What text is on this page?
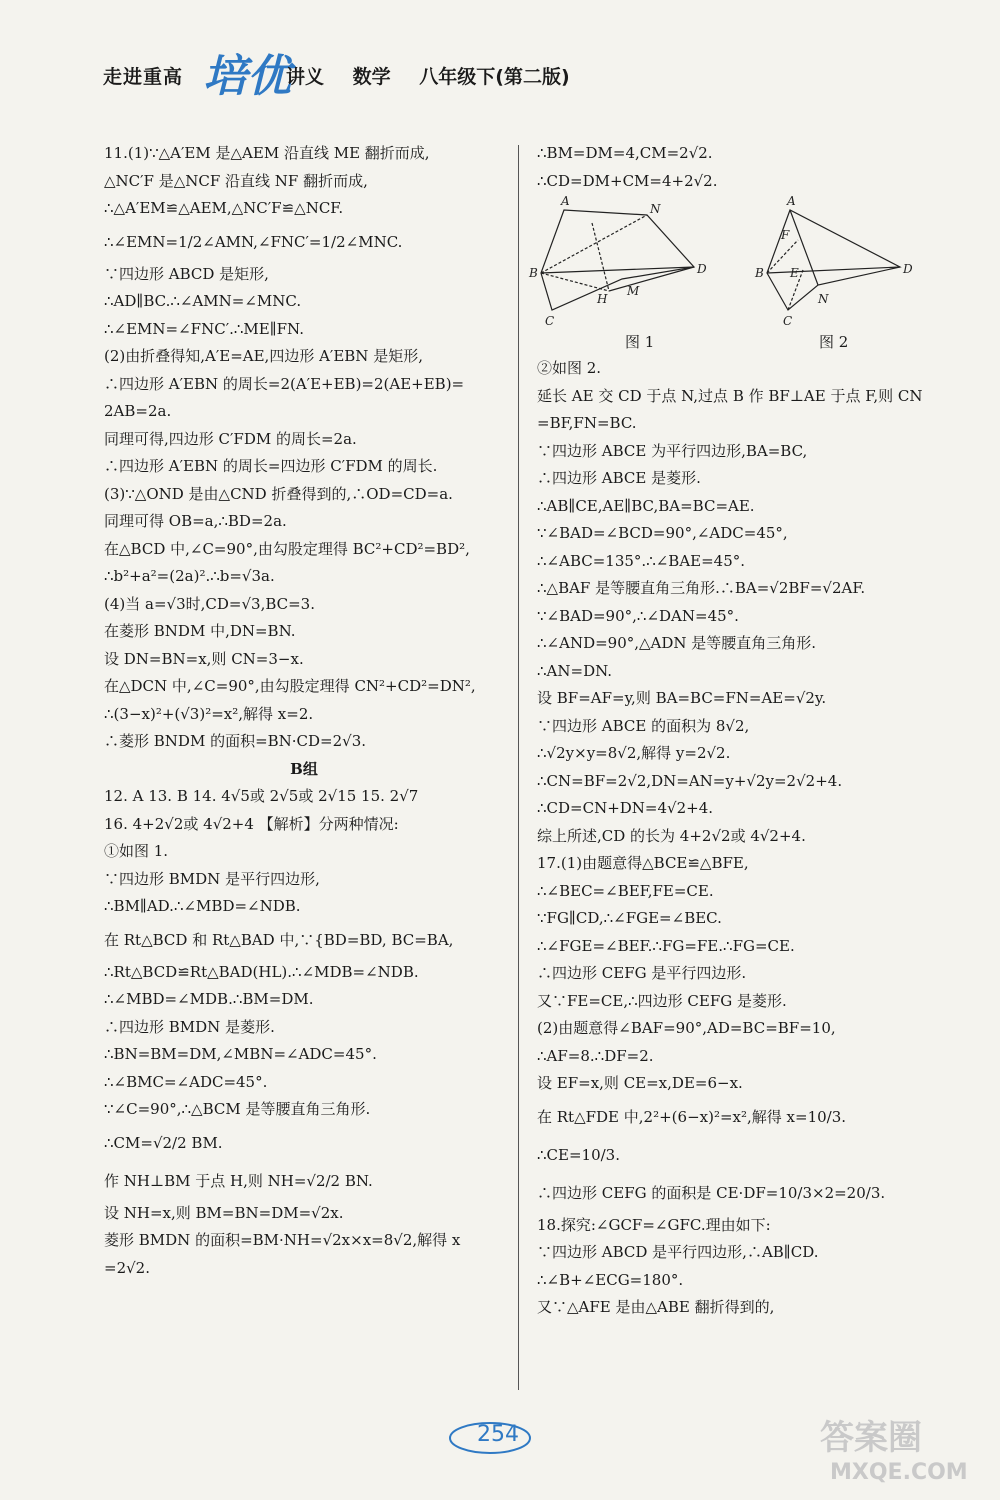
走进重高 培优
讲义 数学 八年级下(第二版)
11.(1)∵△A′EM 是△AEM 沿直线 ME 翻折而成,
△NC′F 是△NCF 沿直线 NF 翻折而成,
∴△A′EM≌△AEM,△NC′F≌△NCF.
∴∠EMN=1/2∠AMN,∠FNC′=1/2∠MNC.
∵四边形 ABCD 是矩形,
∴AD∥BC.∴∠AMN=∠MNC.
∴∠EMN=∠FNC′.∴ME∥FN.
(2)由折叠得知,A′E=AE,四边形 A′EBN 是矩形,
∴四边形 A′EBN 的周长=2(A′E+EB)=2(AE+EB)=
2AB=2a.
同理可得,四边形 C′FDM 的周长=2a.
∴四边形 A′EBN 的周长=四边形 C′FDM 的周长.
(3)∵△OND 是由△CND 折叠得到的,∴OD=CD=a.
同理可得 OB=a,∴BD=2a.
在△BCD 中,∠C=90°,由勾股定理得 BC²+CD²=BD²,
∴b²+a²=(2a)².∴b=√3a.
(4)当 a=√3时,CD=√3,BC=3.
在菱形 BNDM 中,DN=BN.
设 DN=BN=x,则 CN=3−x.
在△DCN 中,∠C=90°,由勾股定理得 CN²+CD²=DN²,
∴(3−x)²+(√3)²=x²,解得 x=2.
∴菱形 BNDM 的面积=BN·CD=2√3.
B组
12. A 13. B 14. 4√5或 2√5或 2√15 15. 2√7
16. 4+2√2或 4√2+4 【解析】分两种情况:
①如图 1.
∵四边形 BMDN 是平行四边形,
∴BM∥AD.∴∠MBD=∠NDB.
在 Rt△BCD 和 Rt△BAD 中,∵{BD=BD, BC=BA,
∴Rt△BCD≌Rt△BAD(HL).∴∠MDB=∠NDB.
∴∠MBD=∠MDB.∴BM=DM.
∴四边形 BMDN 是菱形.
∴BN=BM=DM,∠MBN=∠ADC=45°.
∴∠BMC=∠ADC=45°.
∵∠C=90°,∴△BCM 是等腰直角三角形.
∴CM=√2/2 BM.
作 NH⊥BM 于点 H,则 NH=√2/2 BN.
设 NH=x,则 BM=BN=DM=√2x.
菱形 BMDN 的面积=BM·NH=√2x×x=8√2,解得 x
=2√2.
∴BM=DM=4,CM=2√2.
∴CD=DM+CM=4+2√2.
A
N
B	D
H
M
C
A
F
B E	D
C
N
图 1	图 2
②如图 2.
延长 AE 交 CD 于点 N,过点 B 作 BF⊥AE 于点 F,则 CN
=BF,FN=BC.
∵四边形 ABCE 为平行四边形,BA=BC,
∴四边形 ABCE 是菱形.
∴AB∥CE,AE∥BC,BA=BC=AE.
∵∠BAD=∠BCD=90°,∠ADC=45°,
∴∠ABC=135°.∴∠BAE=45°.
∴△BAF 是等腰直角三角形.∴BA=√2BF=√2AF.
∵∠BAD=90°,∴∠DAN=45°.
∴∠AND=90°,△ADN 是等腰直角三角形.
∴AN=DN.
设 BF=AF=y,则 BA=BC=FN=AE=√2y.
∵四边形 ABCE 的面积为 8√2,
∴√2y×y=8√2,解得 y=2√2.
∴CN=BF=2√2,DN=AN=y+√2y=2√2+4.
∴CD=CN+DN=4√2+4.
综上所述,CD 的长为 4+2√2或 4√2+4.
17.(1)由题意得△BCE≌△BFE,
∴∠BEC=∠BEF,FE=CE.
∵FG∥CD,∴∠FGE=∠BEC.
∴∠FGE=∠BEF.∴FG=FE.∴FG=CE.
∴四边形 CEFG 是平行四边形.
又∵FE=CE,∴四边形 CEFG 是菱形.
(2)由题意得∠BAF=90°,AD=BC=BF=10,
∴AF=8.∴DF=2.
设 EF=x,则 CE=x,DE=6−x.
在 Rt△FDE 中,2²+(6−x)²=x²,解得 x=10/3.
∴CE=10/3.
∴四边形 CEFG 的面积是 CE·DF=10/3×2=20/3.
18.探究:∠GCF=∠GFC.理由如下:
∵四边形 ABCD 是平行四边形,∴AB∥CD.
∴∠B+∠ECG=180°.
又∵△AFE 是由△ABE 翻折得到的,
254	答案圈
MXQE.COM
